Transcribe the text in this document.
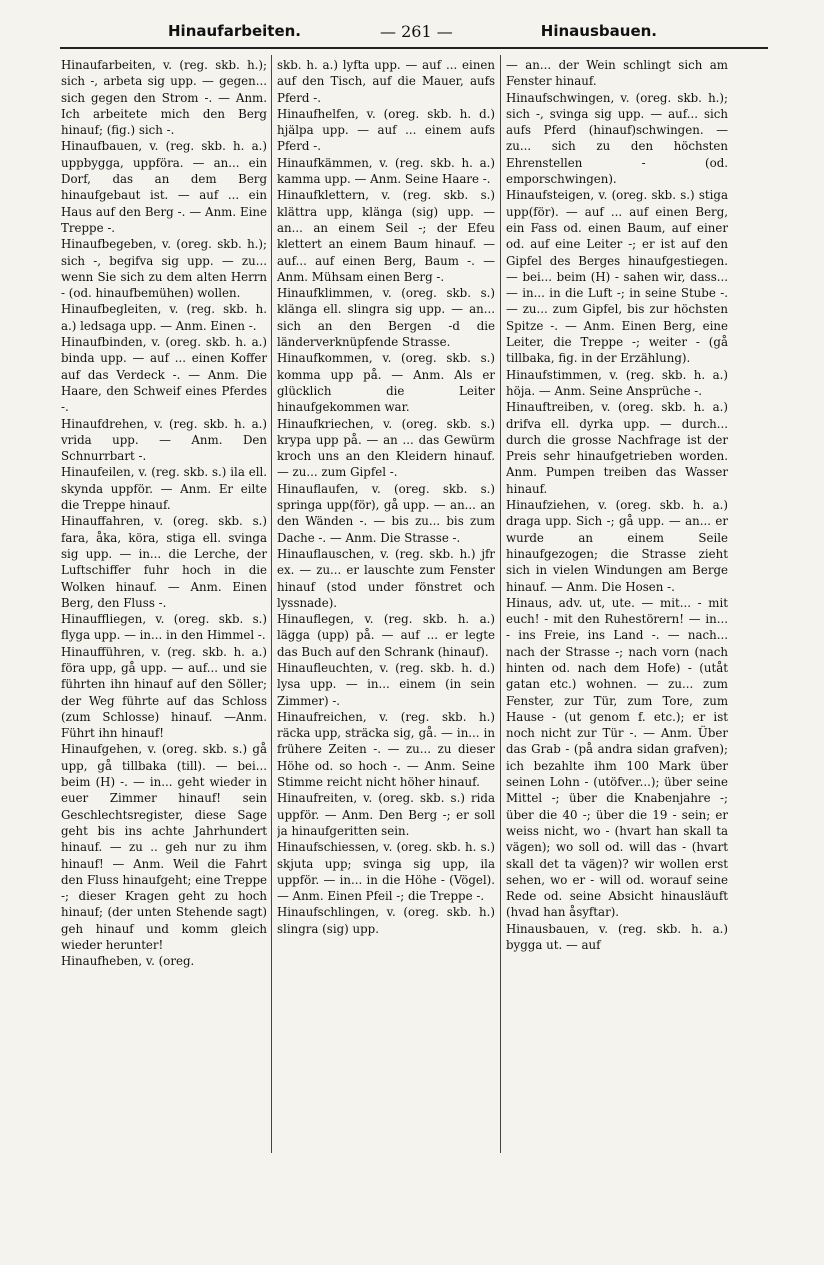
Hinaufarbeiten.	— 261 —	Hinausbauen.

Hinaufarbeiten, v. (reg. skb. h.); sich -, arbeta sig upp. — gegen... sich gegen den Strom -. — Anm. Ich arbeitete mich den Berg hinauf; (fig.) sich -.

Hinaufbauen, v. (reg. skb. h. a.) uppbygga, uppföra. — an... ein Dorf, das an dem Berg hinaufgebaut ist. — auf ... ein Haus auf den Berg -. — Anm. Eine Treppe -.

Hinaufbegeben, v. (oreg. skb. h.); sich -, begifva sig upp. — zu... wenn Sie sich zu dem alten Herrn - (od. hinaufbemühen) wollen.

Hinaufbegleiten, v. (reg. skb. h. a.) ledsaga upp. — Anm. Einen -.

Hinaufbinden, v. (oreg. skb. h. a.) binda upp. — auf ... einen Koffer auf das Verdeck -. — Anm. Die Haare, den Schweif eines Pferdes -.

Hinaufdrehen, v. (reg. skb. h. a.) vrida upp. — Anm. Den Schnurrbart -.

Hinaufeilen, v. (reg. skb. s.) ila ell. skynda uppför. — Anm. Er eilte die Treppe hinauf.

Hinauffahren, v. (oreg. skb. s.) fara, åka, köra, stiga ell. svinga sig upp. — in... die Lerche, der Luftschiffer fuhr hoch in die Wolken hinauf. — Anm. Einen Berg, den Fluss -.

Hinauffliegen, v. (oreg. skb. s.) flyga upp. — in... in den Himmel -.

Hinaufführen, v. (reg. skb. h. a.) föra upp, gå upp. — auf... und sie führten ihn hinauf auf den Söller; der Weg führte auf das Schloss (zum Schlosse) hinauf. —Anm. Führt ihn hinauf!

Hinaufgehen, v. (oreg. skb. s.) gå upp, gå tillbaka (till). — bei... beim (H) -. — in... geht wieder in euer Zimmer hinauf! sein Geschlechtsregister, diese Sage geht bis ins achte Jahrhundert hinauf. — zu .. geh nur zu ihm hinauf! — Anm. Weil die Fahrt den Fluss hinaufgeht; eine Treppe -; dieser Kragen geht zu hoch hinauf; (der unten Stehende sagt) geh hinauf und komm gleich wieder herunter!

Hinaufheben, v. (oreg.

skb. h. a.) lyfta upp. — auf ... einen auf den Tisch, auf die Mauer, aufs Pferd -.

Hinaufhelfen, v. (oreg. skb. h. d.) hjälpa upp. — auf ... einem aufs Pferd -.

Hinaufkämmen, v. (reg. skb. h. a.) kamma upp. — Anm. Seine Haare -.

Hinaufklettern, v. (reg. skb. s.) klättra upp, klänga (sig) upp. — an... an einem Seil -; der Efeu klettert an einem Baum hinauf. — auf... auf einen Berg, Baum -. — Anm. Mühsam einen Berg -.

Hinaufklimmen, v. (oreg. skb. s.) klänga ell. slingra sig upp. — an... sich an den Bergen -d die länderverknüpfende Strasse.

Hinaufkommen, v. (oreg. skb. s.) komma upp på. — Anm. Als er glücklich die Leiter hinaufgekommen war.

Hinaufkriechen, v. (oreg. skb. s.) krypa upp på. — an ... das Gewürm kroch uns an den Kleidern hinauf. — zu... zum Gipfel -.

Hinauflaufen, v. (oreg. skb. s.) springa upp(för), gå upp. — an... an den Wänden -. — bis zu... bis zum Dache -. — Anm. Die Strasse -.

Hinauflauschen, v. (reg. skb. h.) jfr ex. — zu... er lauschte zum Fenster hinauf (stod under fönstret och lyssnade).

Hinauflegen, v. (reg. skb. h. a.) lägga (upp) på. — auf ... er legte das Buch auf den Schrank (hinauf).

Hinaufleuchten, v. (reg. skb. h. d.) lysa upp. — in... einem (in sein Zimmer) -.

Hinaufreichen, v. (reg. skb. h.) räcka upp, sträcka sig, gå. — in... in frühere Zeiten -. — zu... zu dieser Höhe od. so hoch -. — Anm. Seine Stimme reicht nicht höher hinauf.

Hinaufreiten, v. (oreg. skb. s.) rida uppför. — Anm. Den Berg -; er soll ja hinaufgeritten sein.

Hinaufschiessen, v. (oreg. skb. h. s.) skjuta upp; svinga sig upp, ila uppför. — in... in die Höhe - (Vögel). — Anm. Einen Pfeil -; die Treppe -.

Hinaufschlingen, v. (oreg. skb. h.) slingra (sig) upp.

— an... der Wein schlingt sich am Fenster hinauf.

Hinaufschwingen, v. (oreg. skb. h.); sich -, svinga sig upp. — auf... sich aufs Pferd (hinauf)schwingen. — zu... sich zu den höchsten Ehrenstellen - (od. emporschwingen).

Hinaufsteigen, v. (oreg. skb. s.) stiga upp(för). — auf ... auf einen Berg, ein Fass od. einen Baum, auf einer od. auf eine Leiter -; er ist auf den Gipfel des Berges hinaufgestiegen. — bei... beim (H) - sahen wir, dass... — in... in die Luft -; in seine Stube -. — zu... zum Gipfel, bis zur höchsten Spitze -. — Anm. Einen Berg, eine Leiter, die Treppe -; weiter - (gå tillbaka, fig. in der Erzählung).

Hinaufstimmen, v. (reg. skb. h. a.) höja. — Anm. Seine Ansprüche -.

Hinauftreiben, v. (oreg. skb. h. a.) drifva ell. dyrka upp. — durch... durch die grosse Nachfrage ist der Preis sehr hinaufgetrieben worden. Anm. Pumpen treiben das Wasser hinauf.

Hinaufziehen, v. (oreg. skb. h. a.) draga upp. Sich -; gå upp. — an... er wurde an einem Seile hinaufgezogen; die Strasse zieht sich in vielen Windungen am Berge hinauf. — Anm. Die Hosen -.

Hinaus, adv. ut, ute. — mit... - mit euch! - mit den Ruhestörern! — in... - ins Freie, ins Land -. — nach... nach der Strasse -; nach vorn (nach hinten od. nach dem Hofe) - (utåt gatan etc.) wohnen. — zu... zum Fenster, zur Tür, zum Tore, zum Hause - (ut genom f. etc.); er ist noch nicht zur Tür -. — Anm. Über das Grab - (på andra sidan grafven); ich bezahlte ihm 100 Mark über seinen Lohn - (utöfver...); über seine Mittel -; über die Knabenjahre -; über die 40 -; über die 19 - sein; er weiss nicht, wo - (hvart han skall ta vägen); wo soll od. will das - (hvart skall det ta vägen)? wir wollen erst sehen, wo er - will od. worauf seine Rede od. seine Absicht hinausläuft (hvad han åsyftar).

Hinausbauen, v. (reg. skb. h. a.) bygga ut. — auf
